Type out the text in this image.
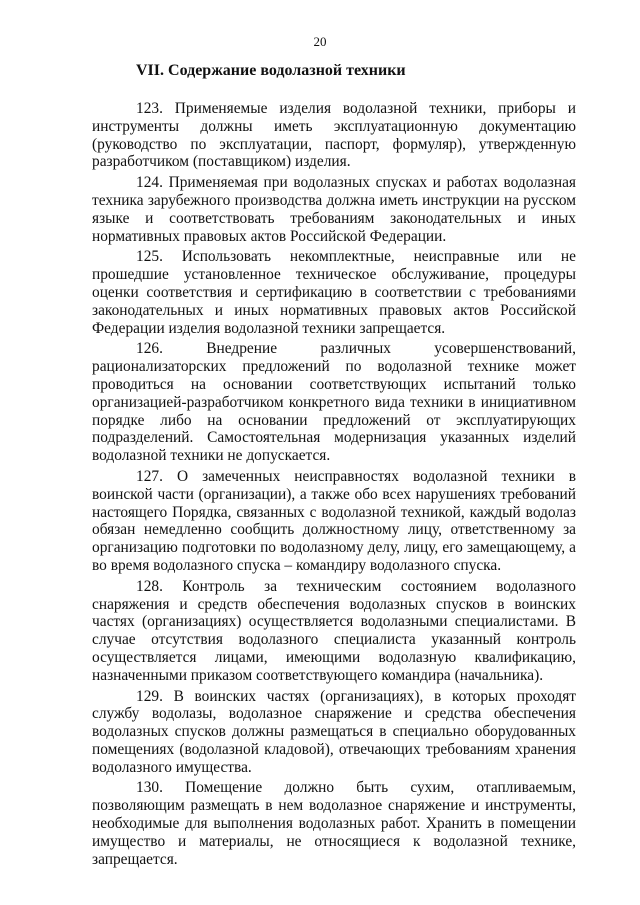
20
VII. Содержание водолазной техники

123. Применяемые изделия водолазной техники, приборы и инструменты должны иметь эксплуатационную документацию (руководство по эксплуатации, паспорт, формуляр), утвержденную разработчиком (поставщиком) изделия.

124. Применяемая при водолазных спусках и работах водолазная техника зарубежного производства должна иметь инструкции на русском языке и соответствовать требованиям законодательных и иных нормативных правовых актов Российской Федерации.

125. Использовать некомплектные, неисправные или не прошедшие установленное техническое обслуживание, процедуры оценки соответствия и сертификацию в соответствии с требованиями законодательных и иных нормативных правовых актов Российской Федерации изделия водолазной техники запрещается.

126. Внедрение различных усовершенствований, рационализаторских предложений по водолазной технике может проводиться на основании соответствующих испытаний только организацией-разработчиком конкретного вида техники в инициативном порядке либо на основании предложений от эксплуатирующих подразделений. Самостоятельная модернизация указанных изделий водолазной техники не допускается.

127. О замеченных неисправностях водолазной техники в воинской части (организации), а также обо всех нарушениях требований настоящего Порядка, связанных с водолазной техникой, каждый водолаз обязан немедленно сообщить должностному лицу, ответственному за организацию подготовки по водолазному делу, лицу, его замещающему, а во время водолазного спуска – командиру водолазного спуска.

128. Контроль за техническим состоянием водолазного снаряжения и средств обеспечения водолазных спусков в воинских частях (организациях) осуществляется водолазными специалистами. В случае отсутствия водолазного специалиста указанный контроль осуществляется лицами, имеющими водолазную квалификацию, назначенными приказом соответствующего командира (начальника).

129. В воинских частях (организациях), в которых проходят службу водолазы, водолазное снаряжение и средства обеспечения водолазных спусков должны размещаться в специально оборудованных помещениях (водолазной кладовой), отвечающих требованиям хранения водолазного имущества.

130. Помещение должно быть сухим, отапливаемым, позволяющим размещать в нем водолазное снаряжение и инструменты, необходимые для выполнения водолазных работ. Хранить в помещении имущество и материалы, не относящиеся к водолазной технике, запрещается.
